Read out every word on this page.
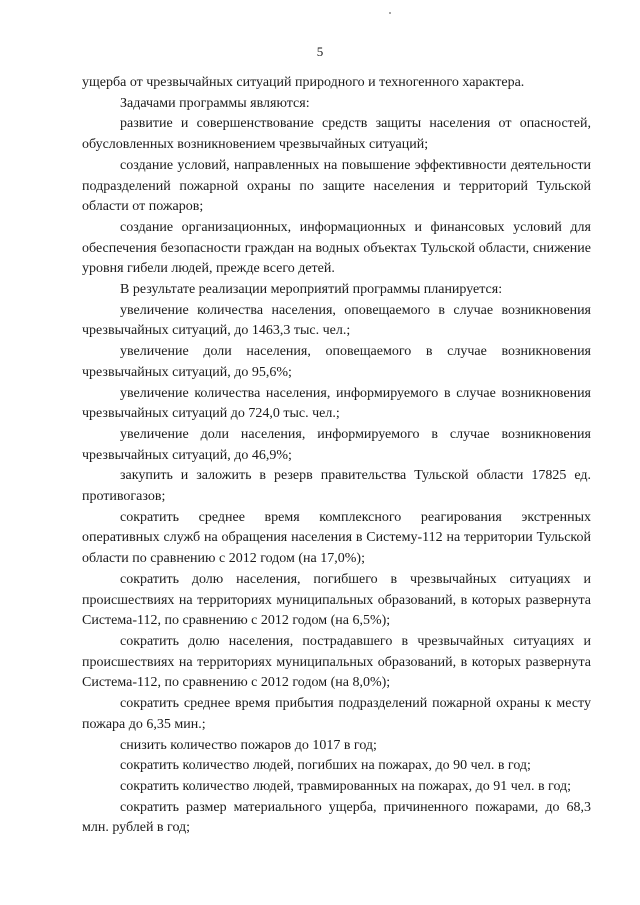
5

ущерба от чрезвычайных ситуаций природного и техногенного характера.

Задачами программы являются:

развитие и совершенствование средств защиты населения от опасностей, обусловленных возникновением чрезвычайных ситуаций;

создание условий, направленных на повышение эффективности деятельности подразделений пожарной охраны по защите населения и территорий Тульской области от пожаров;

создание организационных, информационных и финансовых условий для обеспечения безопасности граждан на водных объектах Тульской области, снижение уровня гибели людей, прежде всего детей.

В результате реализации мероприятий программы планируется:

увеличение количества населения, оповещаемого в случае возникновения чрезвычайных ситуаций, до 1463,3 тыс. чел.;

увеличение доли населения, оповещаемого в случае возникновения чрезвычайных ситуаций, до 95,6%;

увеличение количества населения, информируемого в случае возникновения чрезвычайных ситуаций до 724,0 тыс. чел.;

увеличение доли населения, информируемого в случае возникновения чрезвычайных ситуаций, до 46,9%;

закупить и заложить в резерв правительства Тульской области 17825 ед. противогазов;

сократить среднее время комплексного реагирования экстренных оперативных служб на обращения населения в Систему-112 на территории Тульской области по сравнению с 2012 годом (на 17,0%);

сократить долю населения, погибшего в чрезвычайных ситуациях и происшествиях на территориях муниципальных образований, в которых развернута Система-112, по сравнению с 2012 годом (на 6,5%);

сократить долю населения, пострадавшего в чрезвычайных ситуациях и происшествиях на территориях муниципальных образований, в которых развернута Система-112, по сравнению с 2012 годом (на 8,0%);

сократить среднее время прибытия подразделений пожарной охраны к месту пожара до 6,35 мин.;

снизить количество пожаров до 1017 в год;

сократить количество людей, погибших на пожарах, до 90 чел. в год;

сократить количество людей, травмированных на пожарах, до 91 чел. в год;

сократить размер материального ущерба, причиненного пожарами, до 68,3 млн. рублей в год;
